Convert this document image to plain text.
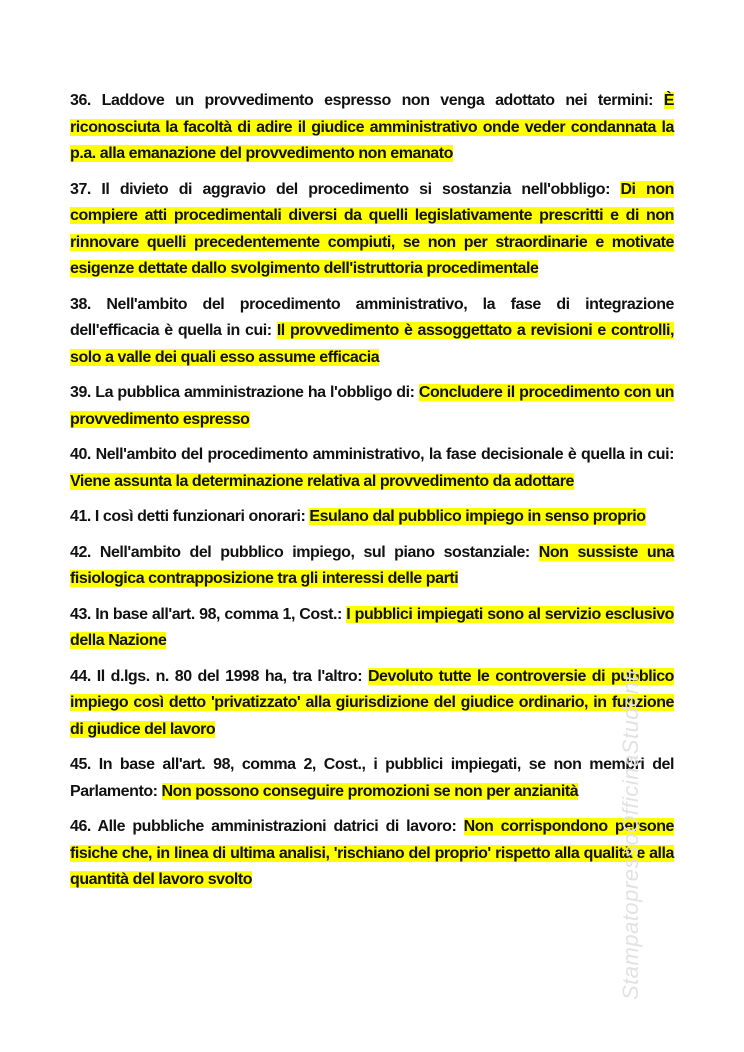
36. Laddove un provvedimento espresso non venga adottato nei termini: È riconosciuta la facoltà di adire il giudice amministrativo onde veder condannata la p.a. alla emanazione del provvedimento non emanato

37. Il divieto di aggravio del procedimento si sostanzia nell'obbligo: Di non compiere atti procedimentali diversi da quelli legislativamente prescritti e di non rinnovare quelli precedentemente compiuti, se non per straordinarie e motivate esigenze dettate dallo svolgimento dell'istruttoria procedimentale

38. Nell'ambito del procedimento amministrativo, la fase di integrazione dell'efficacia è quella in cui: Il provvedimento è assoggettato a revisioni e controlli, solo a valle dei quali esso assume efficacia

39. La pubblica amministrazione ha l'obbligo di: Concludere il procedimento con un provvedimento espresso

40. Nell'ambito del procedimento amministrativo, la fase decisionale è quella in cui: Viene assunta la determinazione relativa al provvedimento da adottare

41. I così detti funzionari onorari: Esulano dal pubblico impiego in senso proprio

42. Nell'ambito del pubblico impiego, sul piano sostanziale: Non sussiste una fisiologica contrapposizione tra gli interessi delle parti

43. In base all'art. 98, comma 1, Cost.: I pubblici impiegati sono al servizio esclusivo della Nazione

44. Il d.lgs. n. 80 del 1998 ha, tra l'altro: Devoluto tutte le controversie di pubblico impiego così detto 'privatizzato' alla giurisdizione del giudice ordinario, in funzione di giudice del lavoro

45. In base all'art. 98, comma 2, Cost., i pubblici impiegati, se non membri del Parlamento: Non possono conseguire promozioni se non per anzianità

46. Alle pubbliche amministrazioni datrici di lavoro: Non corrispondono persone fisiche che, in linea di ultima analisi, 'rischiano del proprio' rispetto alla qualità e alla quantità del lavoro svolto	StampatopressoOfficinaStudenti
